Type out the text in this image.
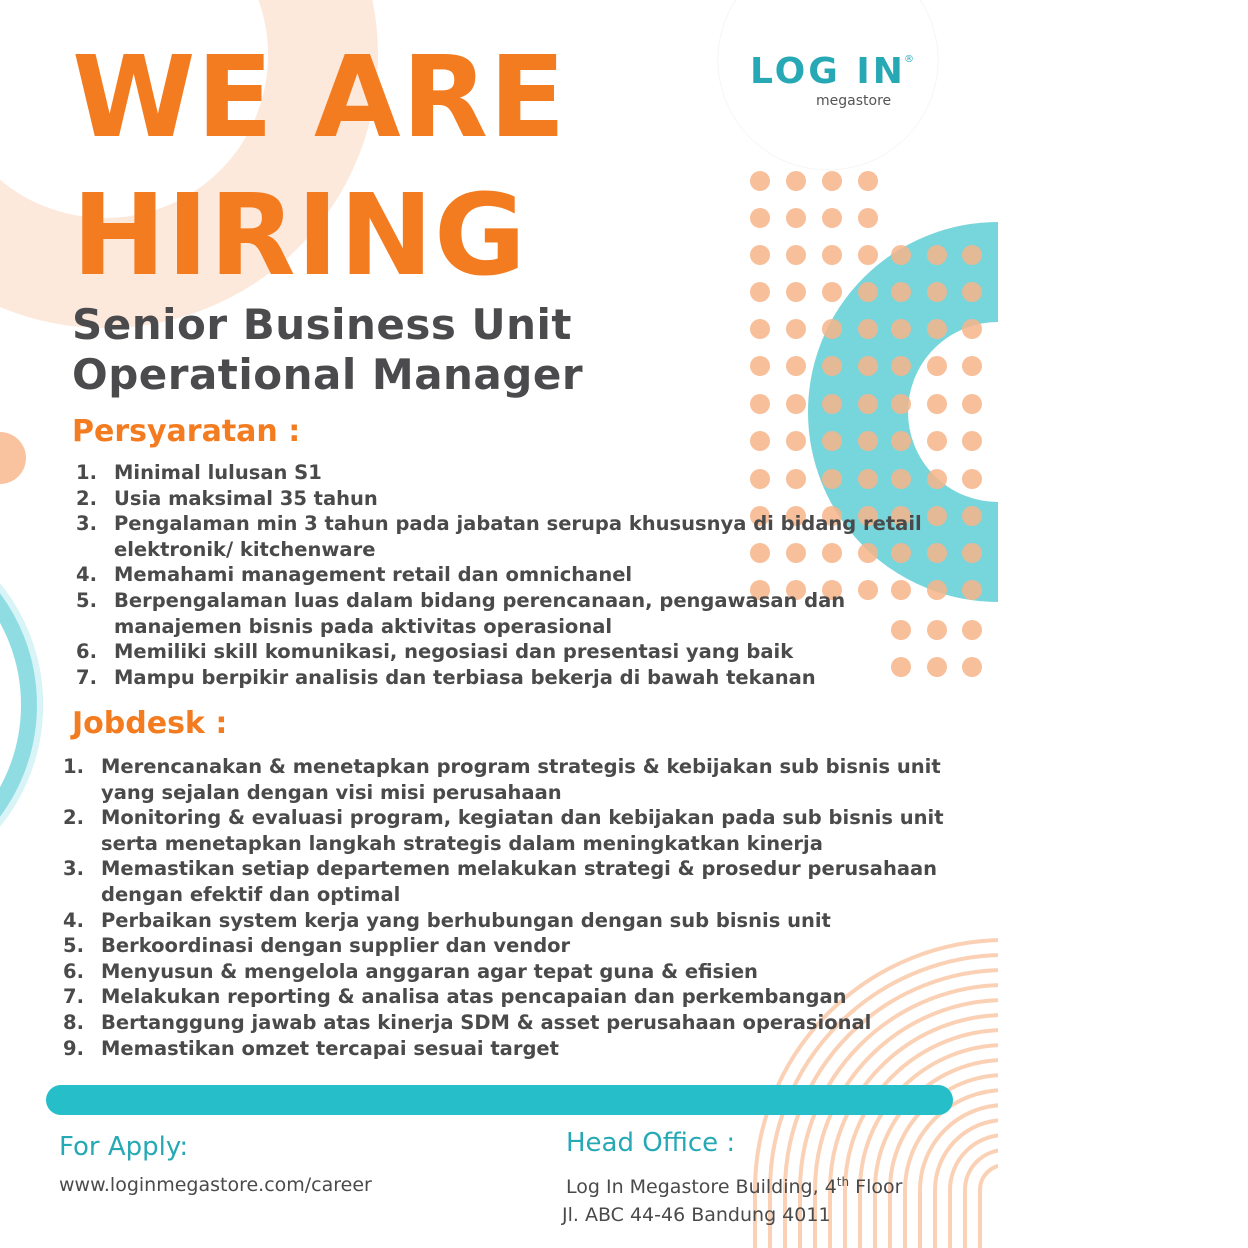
LOG IN
®
megastore
WE ARE
HIRING
Senior Business Unit
Operational Manager
Persyaratan :
1. Minimal lulusan S1
2. Usia maksimal 35 tahun
3. Pengalaman min 3 tahun pada jabatan serupa khususnya di bidang retail
elektronik/ kitchenware
4. Memahami management retail dan omnichanel
5. Berpengalaman luas dalam bidang perencanaan, pengawasan dan
manajemen bisnis pada aktivitas operasional
6. Memiliki skill komunikasi, negosiasi dan presentasi yang baik
7. Mampu berpikir analisis dan terbiasa bekerja di bawah tekanan
Jobdesk :
1. Merencanakan & menetapkan program strategis & kebijakan sub bisnis unit
yang sejalan dengan visi misi perusahaan
2. Monitoring & evaluasi program, kegiatan dan kebijakan pada sub bisnis unit
serta menetapkan langkah strategis dalam meningkatkan kinerja
3. Memastikan setiap departemen melakukan strategi & prosedur perusahaan
dengan efektif dan optimal
4. Perbaikan system kerja yang berhubungan dengan sub bisnis unit
5. Berkoordinasi dengan supplier dan vendor
6. Menyusun & mengelola anggaran agar tepat guna & efisien
7. Melakukan reporting & analisa atas pencapaian dan perkembangan
8. Bertanggung jawab atas kinerja SDM & asset perusahaan operasional
9. Memastikan omzet tercapai sesuai target
For Apply:
www.loginmegastore.com/career
Head Office :
Log In Megastore Building, 4th Floor
Jl. ABC 44-46 Bandung 4011
